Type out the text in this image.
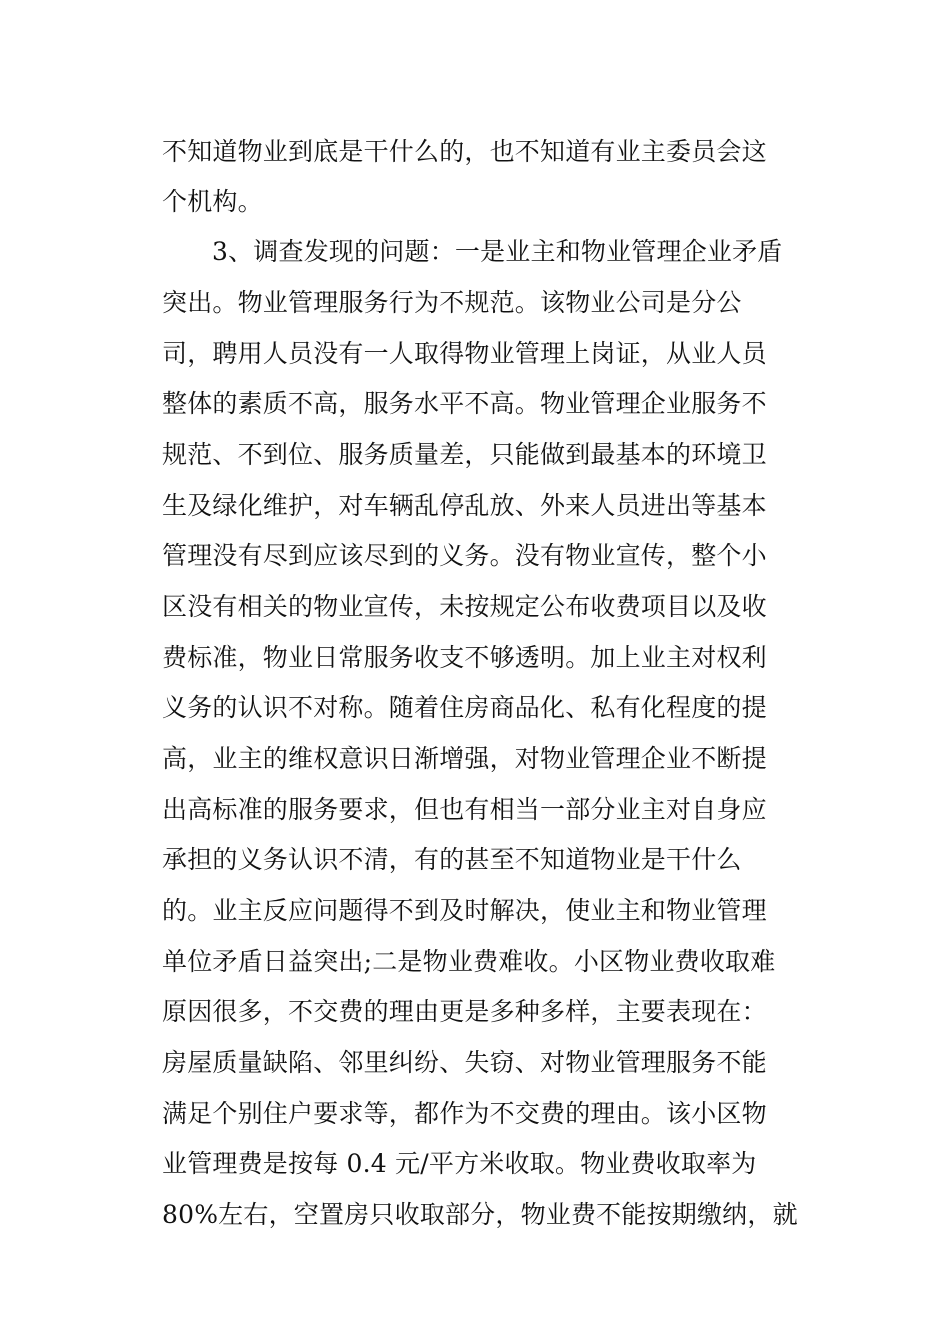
不知道物业到底是干什么的，也不知道有业主委员会这
个机构。
3、调查发现的问题：一是业主和物业管理企业矛盾
突出。物业管理服务行为不规范。该物业公司是分公
司，聘用人员没有一人取得物业管理上岗证，从业人员
整体的素质不高，服务水平不高。物业管理企业服务不
规范、不到位、服务质量差，只能做到最基本的环境卫
生及绿化维护，对车辆乱停乱放、外来人员进出等基本
管理没有尽到应该尽到的义务。没有物业宣传，整个小
区没有相关的物业宣传，未按规定公布收费项目以及收
费标准，物业日常服务收支不够透明。加上业主对权利
义务的认识不对称。随着住房商品化、私有化程度的提
高，业主的维权意识日渐增强，对物业管理企业不断提
出高标准的服务要求，但也有相当一部分业主对自身应
承担的义务认识不清，有的甚至不知道物业是干什么
的。业主反应问题得不到及时解决，使业主和物业管理
单位矛盾日益突出;二是物业费难收。小区物业费收取难
原因很多，不交费的理由更是多种多样，主要表现在：
房屋质量缺陷、邻里纠纷、失窃、对物业管理服务不能
满足个别住户要求等，都作为不交费的理由。该小区物
业管理费是按每 0.4 元/平方米收取。物业费收取率为
80%左右，空置房只收取部分，物业费不能按期缴纳，就
